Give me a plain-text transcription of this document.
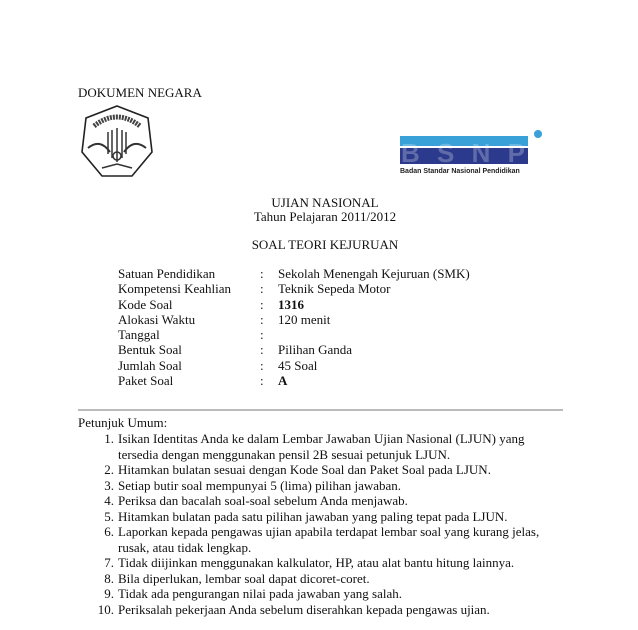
DOKUMEN NEGARA
BSNP
Badan Standar Nasional Pendidikan
UJIAN NASIONAL
Tahun Pelajaran 2011/2012
SOAL TEORI KEJURUAN
Satuan Pendidikan	:	Sekolah Menengah Kejuruan (SMK)
Kompetensi Keahlian	:	Teknik Sepeda Motor
Kode Soal	:	1316
Alokasi Waktu	:	120 menit
Tanggal	:	
Bentuk Soal	:	Pilihan Ganda
Jumlah Soal	:	45 Soal
Paket Soal	:	A
Petunjuk Umum:
1. Isikan Identitas Anda ke dalam Lembar Jawaban Ujian Nasional (LJUN) yang tersedia dengan menggunakan pensil 2B sesuai petunjuk LJUN.
2. Hitamkan bulatan sesuai dengan Kode Soal dan Paket Soal pada LJUN.
3. Setiap butir soal mempunyai 5 (lima) pilihan jawaban.
4. Periksa dan bacalah soal-soal sebelum Anda menjawab.
5. Hitamkan bulatan pada satu pilihan jawaban yang paling tepat pada LJUN.
6. Laporkan kepada pengawas ujian apabila terdapat lembar soal yang kurang jelas, rusak, atau tidak lengkap.
7. Tidak diijinkan menggunakan kalkulator, HP, atau alat bantu hitung lainnya.
8. Bila diperlukan, lembar soal dapat dicoret-coret.
9. Tidak ada pengurangan nilai pada jawaban yang salah.
10. Periksalah pekerjaan Anda sebelum diserahkan kepada pengawas ujian.
